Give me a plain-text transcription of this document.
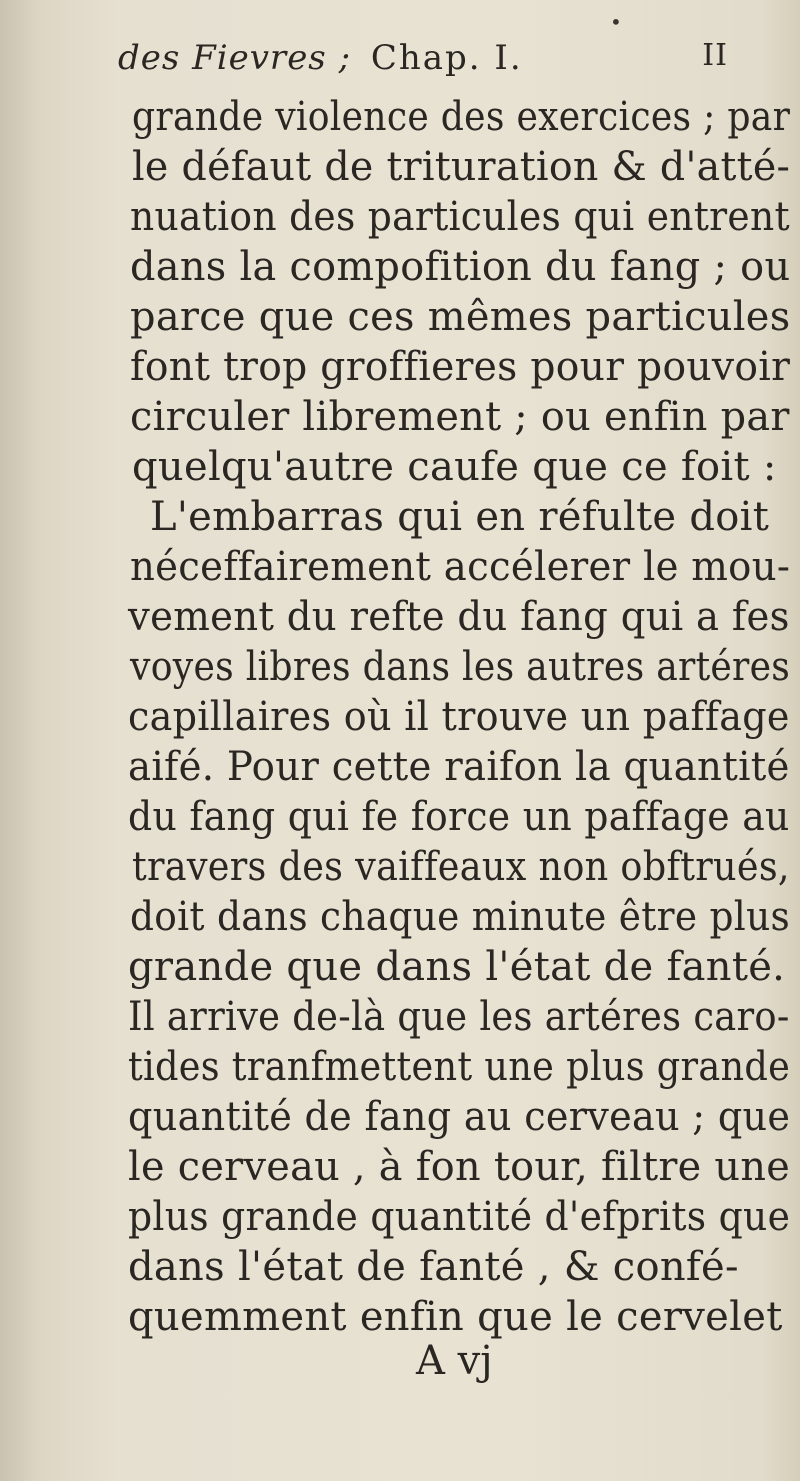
•
des Fievres ; Chap. I.	II
grande violence des exercices ; par
le défaut de trituration & d'atté-
nuation des particules qui entrent
dans la compofition du fang ; ou
parce que ces mêmes particules
font trop groffieres pour pouvoir
circuler librement ; ou enfin par
quelqu'autre caufe que ce foit :
L'embarras qui en réfulte doit
néceffairement accélerer le mou-
vement du refte du fang qui a fes
voyes libres dans les autres artéres
capillaires où il trouve un paffage
aifé. Pour cette raifon la quantité
du fang qui fe force un paffage au
travers des vaiffeaux non obftrués,
doit dans chaque minute être plus
grande que dans l'état de fanté.
Il arrive de-là que les artéres caro-
tides tranfmettent une plus grande
quantité de fang au cerveau ; que
le cerveau , à fon tour, filtre une
plus grande quantité d'efprits que
dans l'état de fanté , & confé-
quemment enfin que le cervelet
A vj
